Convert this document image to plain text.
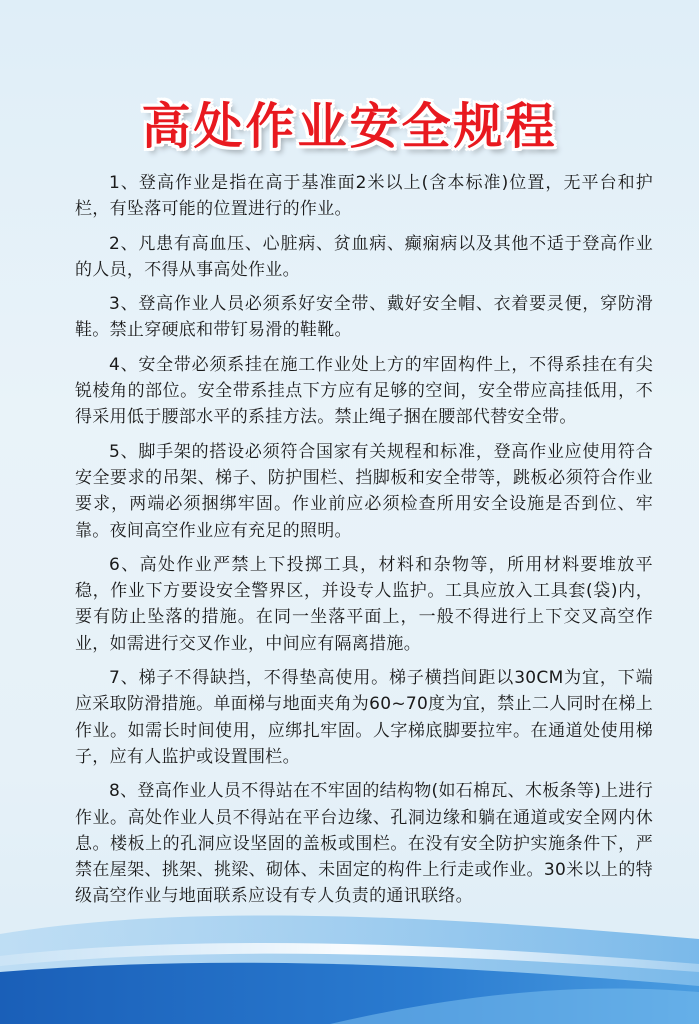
高处作业安全规程

1、登高作业是指在高于基准面2米以上(含本标准)位置，无平台和护栏，有坠落可能的位置进行的作业。

2、凡患有高血压、心脏病、贫血病、癫痫病以及其他不适于登高作业的人员，不得从事高处作业。

3、登高作业人员必须系好安全带、戴好安全帽、衣着要灵便，穿防滑鞋。禁止穿硬底和带钉易滑的鞋靴。

4、安全带必须系挂在施工作业处上方的牢固构件上，不得系挂在有尖锐棱角的部位。安全带系挂点下方应有足够的空间，安全带应高挂低用，不得采用低于腰部水平的系挂方法。禁止绳子捆在腰部代替安全带。

5、脚手架的搭设必须符合国家有关规程和标准，登高作业应使用符合安全要求的吊架、梯子、防护围栏、挡脚板和安全带等，跳板必须符合作业要求，两端必须捆绑牢固。作业前应必须检查所用安全设施是否到位、牢靠。夜间高空作业应有充足的照明。

6、高处作业严禁上下投掷工具，材料和杂物等，所用材料要堆放平稳，作业下方要设安全警界区，并设专人监护。工具应放入工具套(袋)内，要有防止坠落的措施。在同一坐落平面上，一般不得进行上下交叉高空作业，如需进行交叉作业，中间应有隔离措施。

7、梯子不得缺挡，不得垫高使用。梯子横挡间距以30CM为宜，下端应采取防滑措施。单面梯与地面夹角为60~70度为宜，禁止二人同时在梯上作业。如需长时间使用，应绑扎牢固。人字梯底脚要拉牢。在通道处使用梯子，应有人监护或设置围栏。

8、登高作业人员不得站在不牢固的结构物(如石棉瓦、木板条等)上进行作业。高处作业人员不得站在平台边缘、孔洞边缘和躺在通道或安全网内休息。楼板上的孔洞应设坚固的盖板或围栏。在没有安全防护实施条件下，严禁在屋架、挑架、挑梁、砌体、未固定的构件上行走或作业。30米以上的特级高空作业与地面联系应设有专人负责的通讯联络。
